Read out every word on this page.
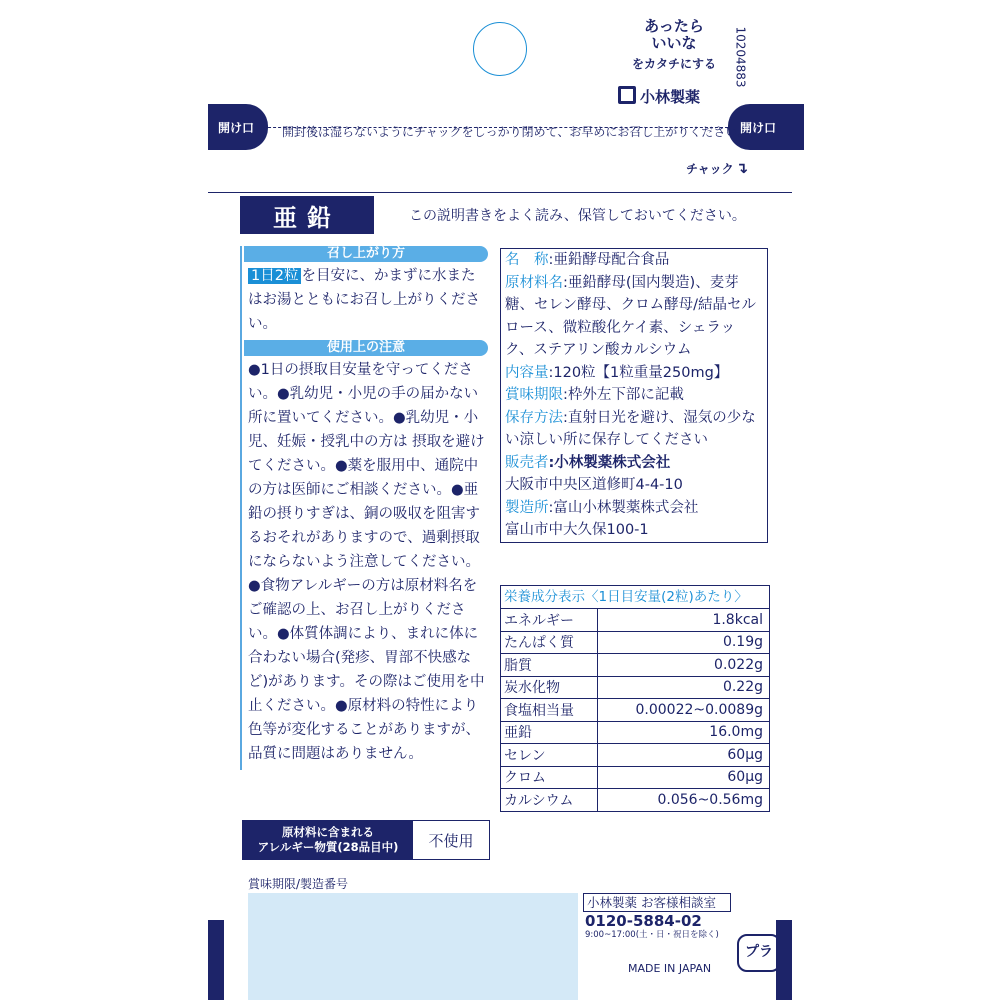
あったら
いいな
をカタチにする
小林製薬
10204883
開け口	開け口
開封後は湿らないようにチャックをしっかり閉めて、お早めにお召し上がりください。
チャック ↴
亜鉛	この説明書きをよく読み、保管しておいてください。
召し上がり方
1日2粒 を目安に、かまずに水またはお湯とともにお召し上がりください。
使用上の注意
●1日の摂取目安量を守ってください。●乳幼児・小児の手の届かない所に置いてください。●乳幼児・小児、妊娠・授乳中の方は 摂取を避けてください。●薬を服用中、通院中の方は医師にご相談ください。●亜鉛の摂りすぎは、銅の吸収を阻害するおそれがありますので、過剰摂取にならないよう注意してください。●食物アレルギーの方は原材料名をご確認の上、お召し上がりください。●体質体調により、まれに体に合わない場合(発疹、胃部不快感など)があります。その際はご使用を中止ください。●原材料の特性により色等が変化することがありますが、品質に問題はありません。
名　称:亜鉛酵母配合食品
原材料名:亜鉛酵母(国内製造)、麦芽糖、セレン酵母、クロム酵母/結晶セルロース、微粒酸化ケイ素、シェラック、ステアリン酸カルシウム
内容量:120粒【1粒重量250mg】
賞味期限:枠外左下部に記載
保存方法:直射日光を避け、湿気の少ない涼しい所に保存してください
販売者:小林製薬株式会社
大阪市中央区道修町4-4-10
製造所:富山小林製薬株式会社
富山市中大久保100-1
栄養成分表示〈1日目安量(2粒)あたり〉
エネルギー	1.8kcal
たんぱく質	0.19g
脂質	0.022g
炭水化物	0.22g
食塩相当量	0.00022~0.0089g
亜鉛	16.0mg
セレン	60μg
クロム	60μg
カルシウム	0.056~0.56mg
原材料に含まれる
アレルギー物質(28品目中)	不使用
賞味期限/製造番号
小林製薬 お客様相談室
0120-5884-02
9:00~17:00(土・日・祝日を除く)
MADE IN JAPAN
プラ
